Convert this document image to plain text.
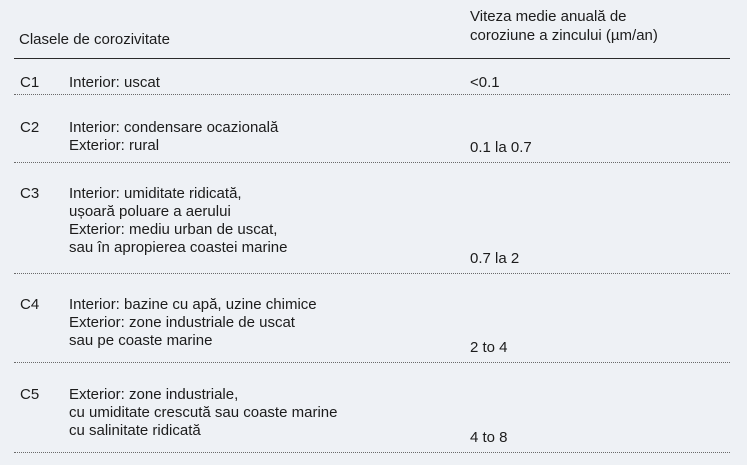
Clasele de corozivitate
Viteza medie anuală de
coroziune a zincului (µm/an)
C1 Interior: uscat	<0.1
C2 Interior: condensare ocazională
Exterior: rural	0.1 la 0.7
C3 Interior: umiditate ridicată,
ușoară poluare a aerului
Exterior: mediu urban de uscat,
sau în apropierea coastei marine
0.7 la 2
C4 Interior: bazine cu apă, uzine chimice
Exterior: zone industriale de uscat
sau pe coaste marine	2 to 4
C5 Exterior: zone industriale,
cu umiditate crescută sau coaste marine
cu salinitate ridicată	4 to 8
